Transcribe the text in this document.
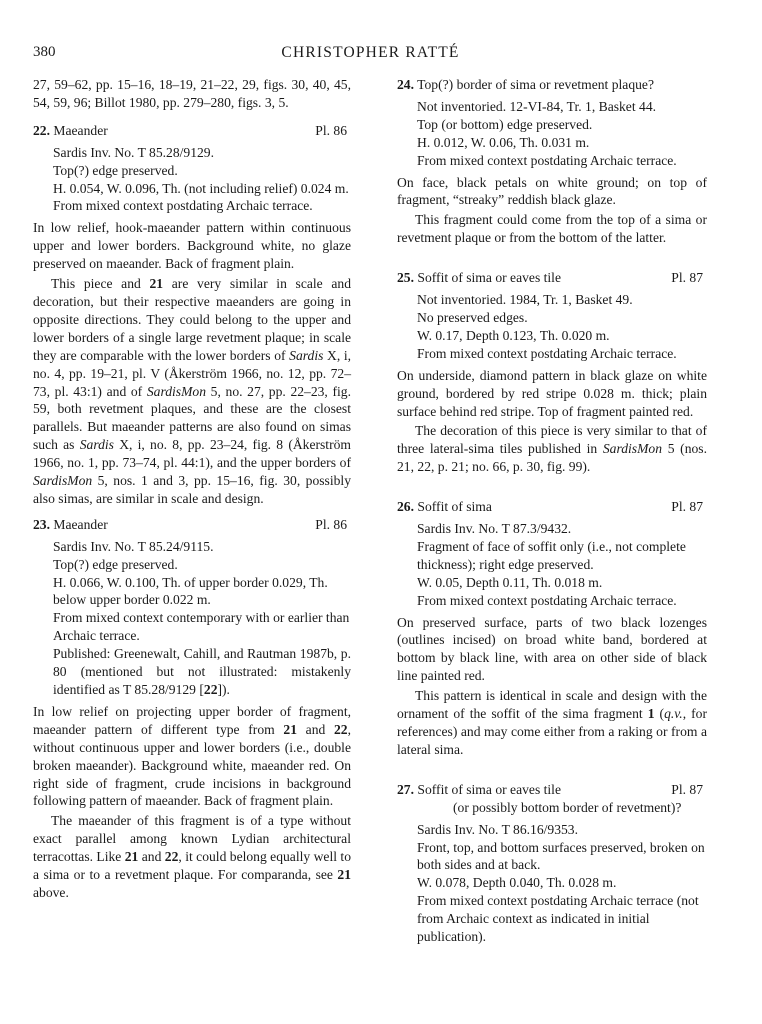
380	CHRISTOPHER RATTÉ

27, 59–62, pp. 15–16, 18–19, 21–22, 29, figs. 30, 40, 45, 54, 59, 96; Billot 1980, pp. 279–280, figs. 3, 5.

22. Maeander	Pl. 86
Sardis Inv. No. T 85.28/9129.
Top(?) edge preserved.
H. 0.054, W. 0.096, Th. (not including relief) 0.024 m.
From mixed context postdating Archaic terrace.

In low relief, hook-maeander pattern within continuous upper and lower borders. Background white, no glaze preserved on maeander. Back of fragment plain.

This piece and 21 are very similar in scale and decoration, but their respective maeanders are going in opposite directions. They could belong to the upper and lower borders of a single large revetment plaque; in scale they are comparable with the lower borders of Sardis X, i, no. 4, pp. 19–21, pl. V (Åkerström 1966, no. 12, pp. 72–73, pl. 43:1) and of SardisMon 5, no. 27, pp. 22–23, fig. 59, both revetment plaques, and these are the closest parallels. But maeander patterns are also found on simas such as Sardis X, i, no. 8, pp. 23–24, fig. 8 (Åkerström 1966, no. 1, pp. 73–74, pl. 44:1), and the upper borders of SardisMon 5, nos. 1 and 3, pp. 15–16, fig. 30, possibly also simas, are similar in scale and design.

23. Maeander	Pl. 86
Sardis Inv. No. T 85.24/9115.
Top(?) edge preserved.
H. 0.066, W. 0.100, Th. of upper border 0.029, Th. below upper border 0.022 m.
From mixed context contemporary with or earlier than Archaic terrace.
Published: Greenewalt, Cahill, and Rautman 1987b, p. 80 (mentioned but not illustrated: mistakenly identified as T 85.28/9129 [22]).

In low relief on projecting upper border of fragment, maeander pattern of different type from 21 and 22, without continuous upper and lower borders (i.e., double broken maeander). Background white, maeander red. On right side of fragment, crude incisions in background following pattern of maeander. Back of fragment plain.

The maeander of this fragment is of a type without exact parallel among known Lydian architectural terracottas. Like 21 and 22, it could belong equally well to a sima or to a revetment plaque. For comparanda, see 21 above.

24. Top(?) border of sima or revetment plaque?
Not inventoried. 12-VI-84, Tr. 1, Basket 44.
Top (or bottom) edge preserved.
H. 0.012, W. 0.06, Th. 0.031 m.
From mixed context postdating Archaic terrace.

On face, black petals on white ground; on top of fragment, “streaky” reddish black glaze.

This fragment could come from the top of a sima or revetment plaque or from the bottom of the latter.

25. Soffit of sima or eaves tile	Pl. 87
Not inventoried. 1984, Tr. 1, Basket 49.
No preserved edges.
W. 0.17, Depth 0.123, Th. 0.020 m.
From mixed context postdating Archaic terrace.

On underside, diamond pattern in black glaze on white ground, bordered by red stripe 0.028 m. thick; plain surface behind red stripe. Top of fragment painted red.

The decoration of this piece is very similar to that of three lateral-sima tiles published in SardisMon 5 (nos. 21, 22, p. 21; no. 66, p. 30, fig. 99).

26. Soffit of sima	Pl. 87
Sardis Inv. No. T 87.3/9432.
Fragment of face of soffit only (i.e., not complete thickness); right edge preserved.
W. 0.05, Depth 0.11, Th. 0.018 m.
From mixed context postdating Archaic terrace.

On preserved surface, parts of two black lozenges (outlines incised) on broad white band, bordered at bottom by black line, with area on other side of black line painted red.

This pattern is identical in scale and design with the ornament of the soffit of the sima fragment 1 (q.v., for references) and may come either from a raking or from a lateral sima.

27. Soffit of sima or eaves tile	Pl. 87
(or possibly bottom border of revetment)?
Sardis Inv. No. T 86.16/9353.
Front, top, and bottom surfaces preserved, broken on both sides and at back.
W. 0.078, Depth 0.040, Th. 0.028 m.
From mixed context postdating Archaic terrace (not from Archaic context as indicated in initial publication).
